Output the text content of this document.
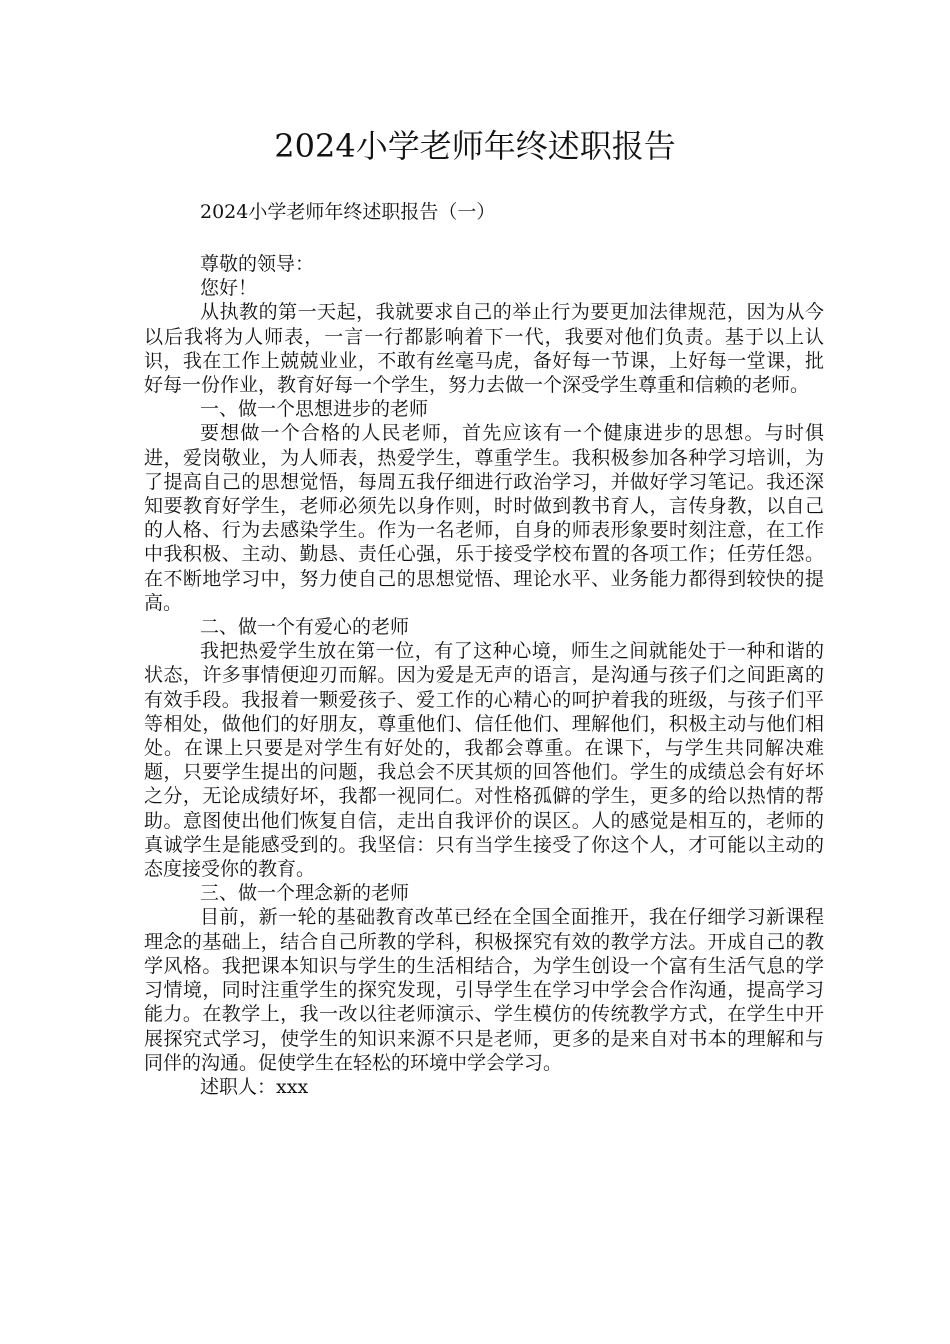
2024小学老师年终述职报告
2024小学老师年终述职报告（一）

尊敬的领导：

您好！

从执教的第一天起，我就要求自己的举止行为要更加法律规范，因为从今以后我将为人师表，一言一行都影响着下一代，我要对他们负责。基于以上认识，我在工作上兢兢业业，不敢有丝毫马虎，备好每一节课，上好每一堂课，批好每一份作业，教育好每一个学生，努力去做一个深受学生尊重和信赖的老师。

一、做一个思想进步的老师

要想做一个合格的人民老师，首先应该有一个健康进步的思想。与时俱进，爱岗敬业，为人师表，热爱学生，尊重学生。我积极参加各种学习培训，为了提高自己的思想觉悟，每周五我仔细进行政治学习，并做好学习笔记。我还深知要教育好学生，老师必须先以身作则，时时做到教书育人，言传身教，以自己的人格、行为去感染学生。作为一名老师，自身的师表形象要时刻注意，在工作中我积极、主动、勤恳、责任心强，乐于接受学校布置的各项工作；任劳任怨。在不断地学习中，努力使自己的思想觉悟、理论水平、业务能力都得到较快的提高。

二、做一个有爱心的老师

我把热爱学生放在第一位，有了这种心境，师生之间就能处于一种和谐的状态，许多事情便迎刃而解。因为爱是无声的语言，是沟通与孩子们之间距离的有效手段。我报着一颗爱孩子、爱工作的心精心的呵护着我的班级，与孩子们平等相处，做他们的好朋友，尊重他们、信任他们、理解他们，积极主动与他们相处。在课上只要是对学生有好处的，我都会尊重。在课下，与学生共同解决难题，只要学生提出的问题，我总会不厌其烦的回答他们。学生的成绩总会有好坏之分，无论成绩好坏，我都一视同仁。对性格孤僻的学生，更多的给以热情的帮助。意图使出他们恢复自信，走出自我评价的误区。人的感觉是相互的，老师的真诚学生是能感受到的。我坚信：只有当学生接受了你这个人，才可能以主动的态度接受你的教育。

三、做一个理念新的老师

目前，新一轮的基础教育改革已经在全国全面推开，我在仔细学习新课程理念的基础上，结合自己所教的学科，积极探究有效的教学方法。开成自己的教学风格。我把课本知识与学生的生活相结合，为学生创设一个富有生活气息的学习情境，同时注重学生的探究发现，引导学生在学习中学会合作沟通，提高学习能力。在教学上，我一改以往老师演示、学生模仿的传统教学方式，在学生中开展探究式学习，使学生的知识来源不只是老师，更多的是来自对书本的理解和与同伴的沟通。促使学生在轻松的环境中学会学习。

述职人：xxx
